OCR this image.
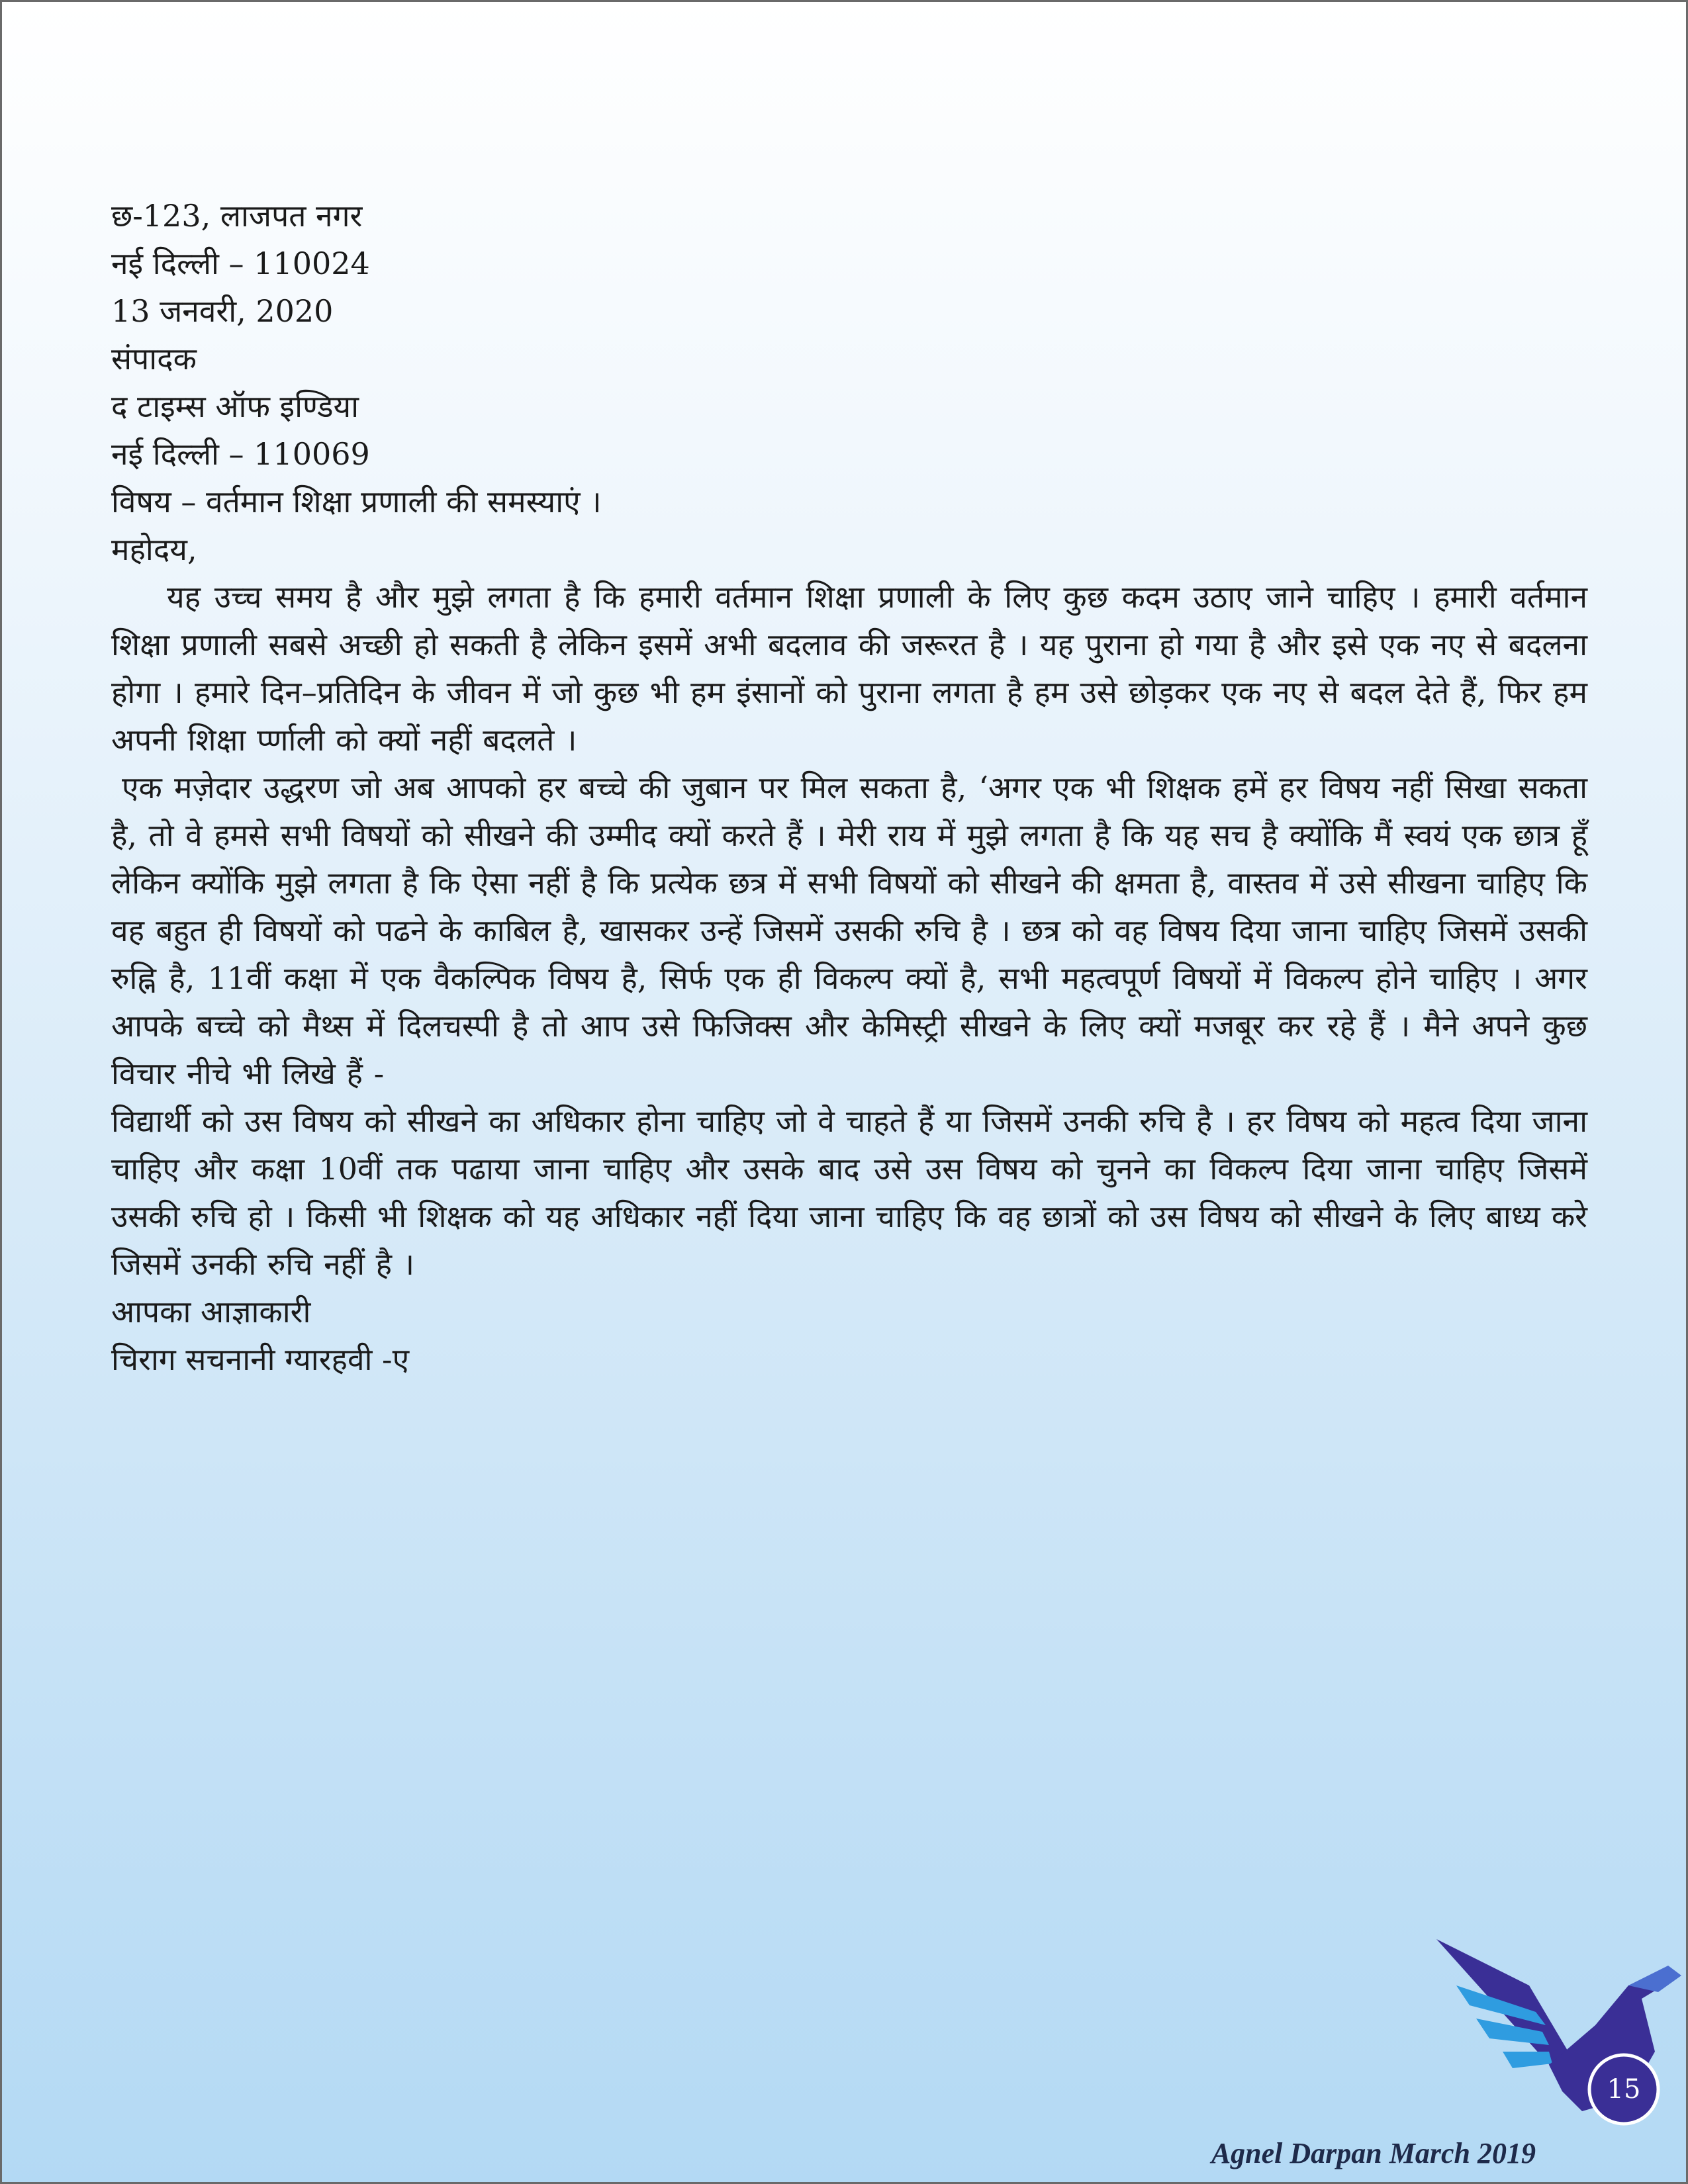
छ-123, लाजपत नगर
नई दिल्ली – 110024
13 जनवरी, 2020
संपादक
द टाइम्स ऑफ इण्डिया
नई दिल्ली – 110069
विषय – वर्तमान शिक्षा प्रणाली की समस्याएं ।
महोदय,
यह उच्च समय है और मुझे लगता है कि हमारी वर्तमान शिक्षा प्रणाली के लिए कुछ कदम उठाए जाने चाहिए । हमारी वर्तमान शिक्षा प्रणाली सबसे अच्छी हो सकती है लेकिन इसमें अभी बदलाव की जरूरत है । यह पुराना हो गया है और इसे एक नए से बदलना होगा । हमारे दिन–प्रतिदिन के जीवन में जो कुछ भी हम इंसानों को पुराना लगता है हम उसे छोड़कर एक नए से बदल देते हैं, फिर हम अपनी शिक्षा र्प्णाली को क्यों नहीं बदलते ।
एक मज़ेदार उद्धरण जो अब आपको हर बच्चे की जुबान पर मिल सकता है, ‘अगर एक भी शिक्षक हमें हर विषय नहीं सिखा सकता है, तो वे हमसे सभी विषयों को सीखने की उम्मीद क्यों करते हैं । मेरी राय में मुझे लगता है कि यह सच है क्योंकि मैं स्वयं एक छात्र हूँ लेकिन क्योंकि मुझे लगता है कि ऐसा नहीं है कि प्रत्येक छत्र में सभी विषयों को सीखने की क्षमता है, वास्तव में उसे सीखना चाहिए कि वह बहुत ही विषयों को पढने के काबिल है, खासकर उन्हें जिसमें उसकी रुचि है । छत्र को वह विषय दिया जाना चाहिए जिसमें उसकी रुह्नि है, 11वीं कक्षा में एक वैकल्पिक विषय है, सिर्फ एक ही विकल्प क्यों है, सभी महत्वपूर्ण विषयों में विकल्प होने चाहिए । अगर आपके बच्चे को मैथ्स में दिलचस्पी है तो आप उसे फिजिक्स और केमिस्ट्री सीखने के लिए क्यों मजबूर कर रहे हैं । मैने अपने कुछ विचार नीचे भी लिखे हैं -
विद्यार्थी को उस विषय को सीखने का अधिकार होना चाहिए जो वे चाहते हैं या जिसमें उनकी रुचि है । हर विषय को महत्व दिया जाना चाहिए और कक्षा 10वीं तक पढाया जाना चाहिए और उसके बाद उसे उस विषय को चुनने का विकल्प दिया जाना चाहिए जिसमें उसकी रुचि हो । किसी भी शिक्षक को यह अधिकार नहीं दिया जाना चाहिए कि वह छात्रों को उस विषय को सीखने के लिए बाध्य करे जिसमें उनकी रुचि नहीं है ।
आपका आज्ञाकारी
चिराग सचनानी ग्यारहवी -ए
15
Agnel Darpan March 2019
